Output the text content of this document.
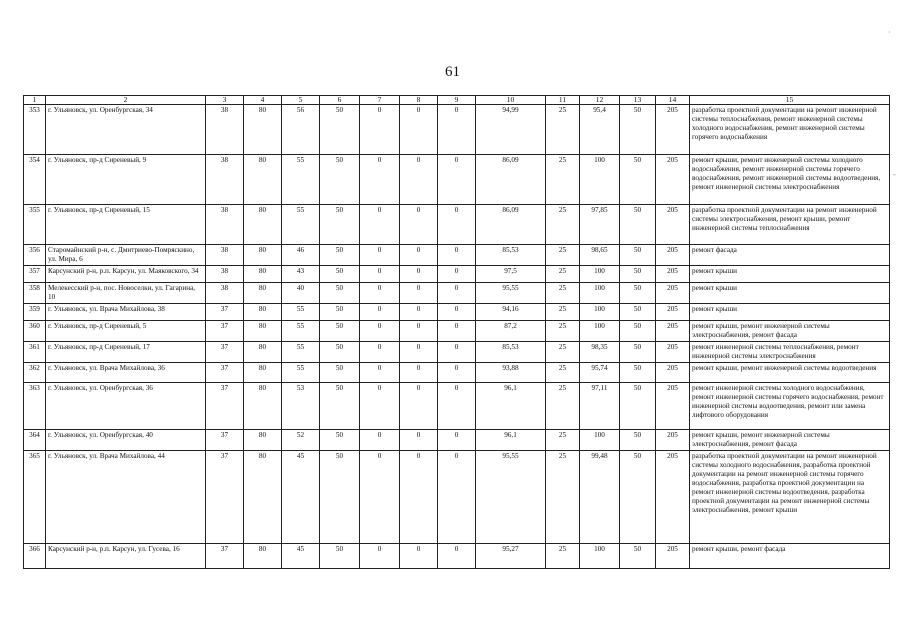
61
1	2	3	4	5	6	7	8	9	10	11	12	13	14	15
353	г. Ульяновск, ул. Оренбургская, 34	38	80	56	50	0	0	0	94,99	25	95,4	50	205	разработка проектной документации на ремонт инженерной системы теплоснабжения, ремонт инженерной системы холодного водоснабжения, ремонт инженерной системы горячего водоснабжения
354	г. Ульяновск, пр-д Сиреневый, 9	38	80	55	50	0	0	0	86,09	25	100	50	205	ремонт крыши, ремонт инженерной системы холодного водоснабжения, ремонт инженерной системы горячего водоснабжения, ремонт инженерной системы водоотведения, ремонт инженерной системы электроснабжения
355	г. Ульяновск, пр-д Сиреневый, 15	38	80	55	50	0	0	0	86,09	25	97,85	50	205	разработка проектной документации на ремонт инженерной системы электроснабжения, ремонт крыши, ремонт инженерной системы теплоснабжения
356	Старомайнский р-н, с. Дмитриево-Помряскино, ул. Мира, 6	38	80	46	50	0	0	0	85,53	25	98,65	50	205	ремонт фасада
357	Карсунский р-н, р.п. Карсун, ул. Маяковского, 34	38	80	43	50	0	0	0	97,5	25	100	50	205	ремонт крыши
358	Мелекесский р-н, пос. Новоселки, ул. Гагарина, 10	38	80	40	50	0	0	0	95,55	25	100	50	205	ремонт крыши
359	г. Ульяновск, ул. Врача Михайлова, 38	37	80	55	50	0	0	0	94,16	25	100	50	205	ремонт крыши
360	г. Ульяновск, пр-д Сиреневый, 5	37	80	55	50	0	0	0	87,2	25	100	50	205	ремонт крыши, ремонт инженерной системы электроснабжения, ремонт фасада
361	г. Ульяновск, пр-д Сиреневый, 17	37	80	55	50	0	0	0	85,53	25	98,35	50	205	ремонт инженерной системы теплоснабжения, ремонт инженерной системы электроснабжения
362	г. Ульяновск, ул. Врача Михайлова, 36	37	80	55	50	0	0	0	93,88	25	95,74	50	205	ремонт крыши, ремонт инженерной системы водоотведения
363	г. Ульяновск, ул. Оренбургская, 36	37	80	53	50	0	0	0	96,1	25	97,11	50	205	ремонт инженерной системы холодного водоснабжения, ремонт инженерной системы горячего водоснабжения, ремонт инженерной системы водоотведения, ремонт или замена лифтового оборудования
364	г. Ульяновск, ул. Оренбургская, 40	37	80	52	50	0	0	0	96,1	25	100	50	205	ремонт крыши, ремонт инженерной системы электроснабжения, ремонт фасада
365	г. Ульяновск, ул. Врача Михайлова, 44	37	80	45	50	0	0	0	95,55	25	99,48	50	205	разработка проектной документации на ремонт инженерной системы холодного водоснабжения, разработка проектной документации на ремонт инженерной системы горячего водоснабжения, разработка проектной документации на ремонт инженерной системы водоотведения, разработка проектной документации на ремонт инженерной системы электроснабжения, ремонт крыши
366	Карсунский р-н, р.п. Карсун, ул. Гусева, 16	37	80	45	50	0	0	0	95,27	25	100	50	205	ремонт крыши, ремонт фасада
·
-
